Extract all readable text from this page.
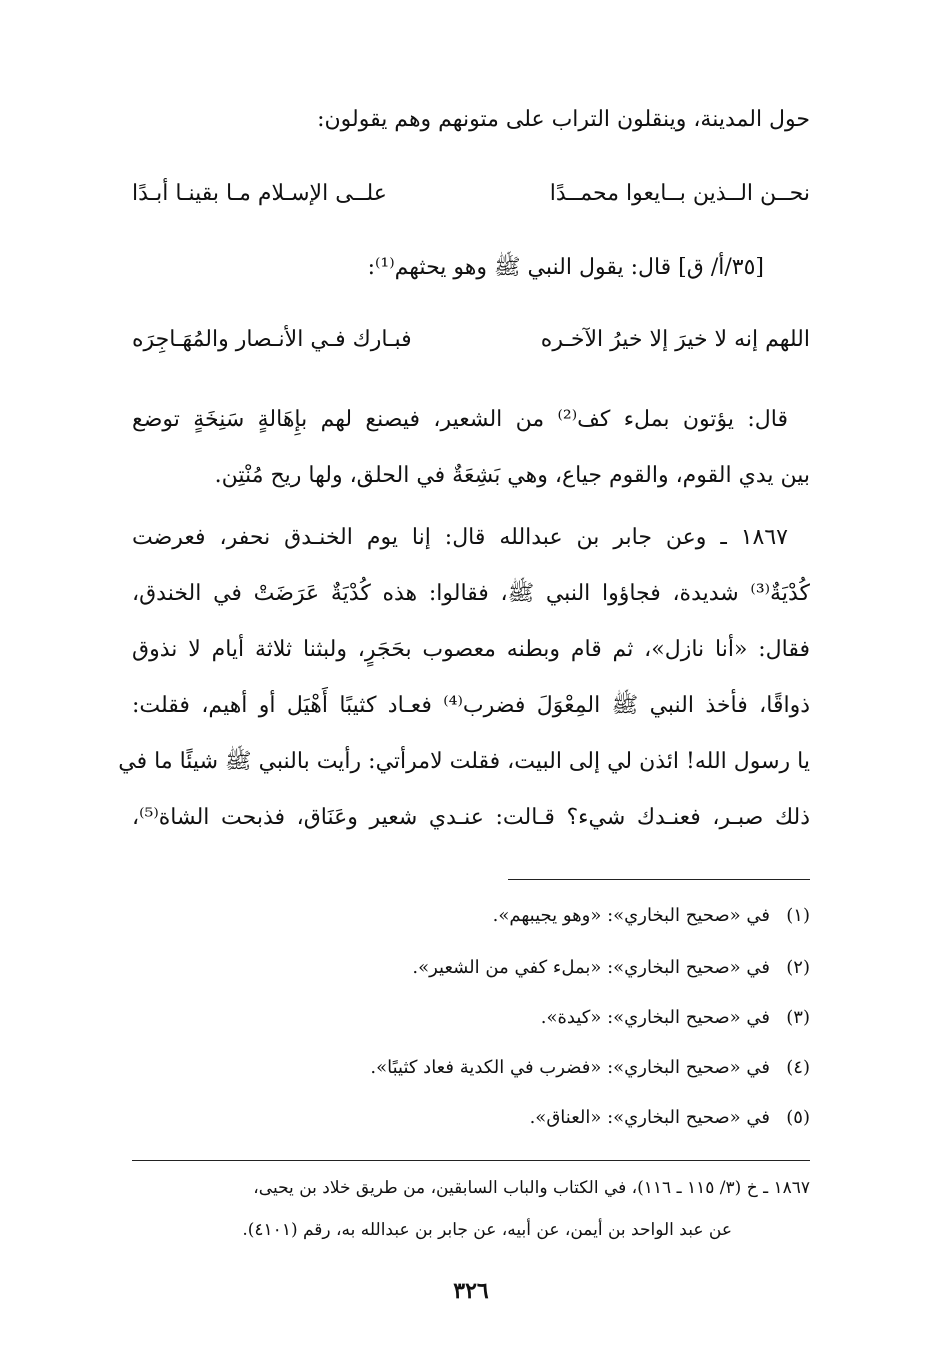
حول المدينة، وينقلون التراب على متونهم وهم يقولون:
نحــن الــذين بــايعوا محمــدًا
علــى الإسـلام مـا بقينـا أبـدًا
[٣٥/أ/ ق] قال: يقول النبي ﷺ وهو يحثهم⁽¹⁾:
اللهم إنه لا خيرَ إلا خيرُ الآخـره
فبـارك فـي الأنـصار والمُهَـاجِرَه
قال: يؤتون بملء كف⁽²⁾ من الشعير، فيصنع لهم بإِهَالةٍ سَنِخَةٍ توضع
بين يدي القوم، والقوم جياع، وهي بَشِعَةٌ في الحلق، ولها ريح مُنْتِن.
١٨٦٧ ـ وعن جابر بن عبدالله قال: إنا يوم الخنـدق نحفر، فعرضت
كُدْيَةٌ⁽³⁾ شديدة، فجاؤوا النبي ﷺ، فقالوا: هذه كُدْيَةٌ عَرَضَتْ في الخندق،
فقال: «أنا نازل»، ثم قام وبطنه معصوب بحَجَرٍ، ولبثنا ثلاثة أيام لا نذوق
ذواقًا، فأخذ النبي ﷺ المِعْوَلَ فضرب⁽⁴⁾ فعـاد كثيبًا أَهْيَل أو أهيم، فقلت:
يا رسول الله! ائذن لي إلى البيت، فقلت لامرأتي: رأيت بالنبي ﷺ شيئًا ما في
ذلك صبـر، فعنـدك شيء؟ قـالت: عنـدي شعير وعَنَاق، فذبحت الشاة⁽⁵⁾،
(١)في «صحيح البخاري»: «وهو يجيبهم».
(٢)في «صحيح البخاري»: «بملء كفي من الشعير».
(٣)في «صحيح البخاري»: «كيدة».
(٤)في «صحيح البخاري»: «فضرب في الكدية فعاد كثيبًا».
(٥)في «صحيح البخاري»: «العناق».
١٨٦٧ ـ خ (٣/ ١١٥ ـ ١١٦)، في الكتاب والباب السابقين، من طريق خلاد بن يحيى،
عن عبد الواحد بن أيمن، عن أبيه، عن جابر بن عبدالله به، رقم (٤١٠١).
٣٢٦
